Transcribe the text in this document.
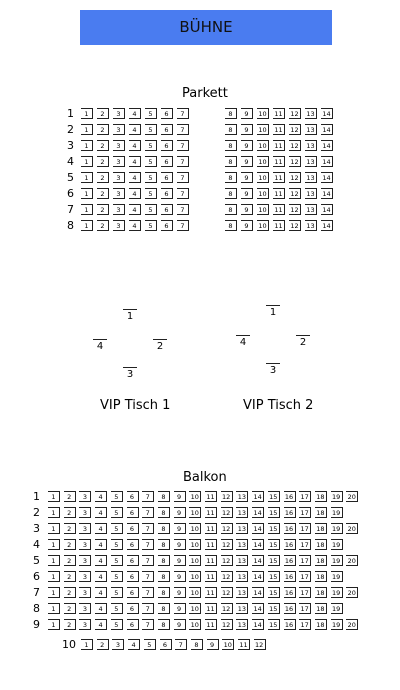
BÜHNE
Parkett
1	1	2	3	4	5	6	7	8	9	10	11	12	13	14
2	1	2	3	4	5	6	7	8	9	10	11	12	13	14
3	1	2	3	4	5	6	7	8	9	10	11	12	13	14
4	1	2	3	4	5	6	7	8	9	10	11	12	13	14
5	1	2	3	4	5	6	7	8	9	10	11	12	13	14
6	1	2	3	4	5	6	7	8	9	10	11	12	13	14
7	1	2	3	4	5	6	7	8	9	10	11	12	13	14
8	1	2	3	4	5	6	7	8	9	10	11	12	13	14
1
2
3
4
VIP Tisch 1
1
2
3
4
VIP Tisch 2
Balkon
1	1	2	3	4	5	6	7	8	9	10	11	12	13	14	15	16	17	18	19	20
2	1	2	3	4	5	6	7	8	9	10	11	12	13	14	15	16	17	18	19
3	1	2	3	4	5	6	7	8	9	10	11	12	13	14	15	16	17	18	19	20
4	1	2	3	4	5	6	7	8	9	10	11	12	13	14	15	16	17	18	19
5	1	2	3	4	5	6	7	8	9	10	11	12	13	14	15	16	17	18	19	20
6	1	2	3	4	5	6	7	8	9	10	11	12	13	14	15	16	17	18	19
7	1	2	3	4	5	6	7	8	9	10	11	12	13	14	15	16	17	18	19	20
8	1	2	3	4	5	6	7	8	9	10	11	12	13	14	15	16	17	18	19
9	1	2	3	4	5	6	7	8	9	10	11	12	13	14	15	16	17	18	19	20
10	1	2	3	4	5	6	7	8	9	10	11	12
